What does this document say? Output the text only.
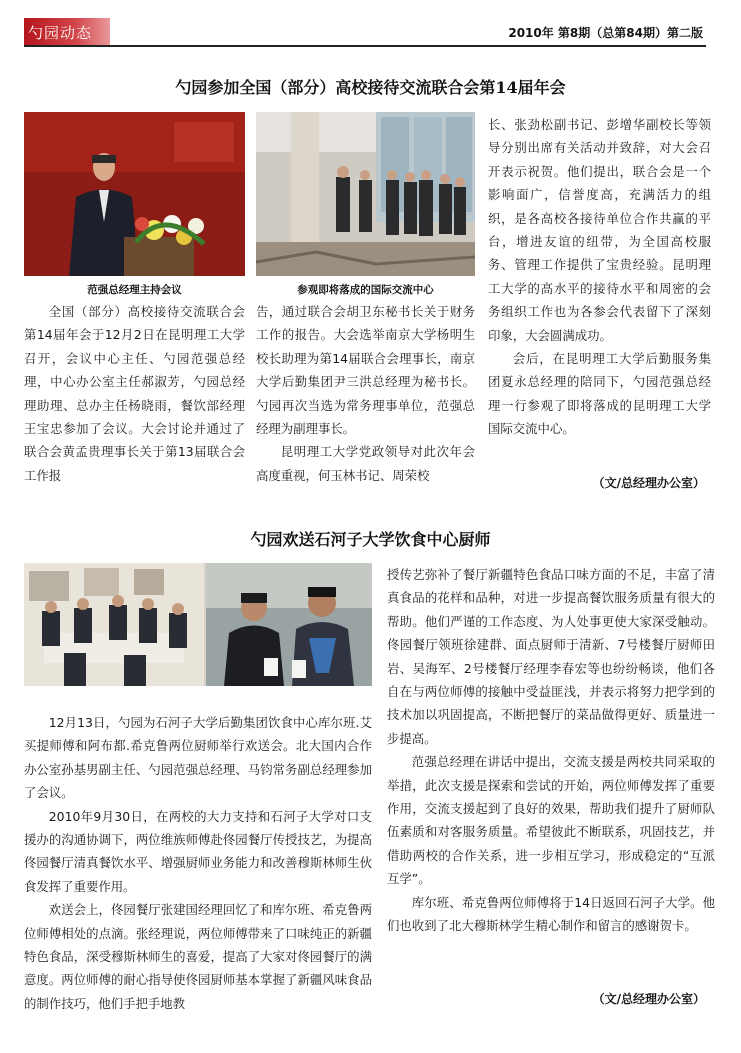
勺园动态	2010年 第8期（总第84期）第二版
勺园参加全国（部分）高校接待交流联合会第14届年会
范强总经理主持会议	参观即将落成的国际交流中心

全国（部分）高校接待交流联合会第14届年会于12月2日在昆明理工大学召开，会议中心主任、勺园范强总经理，中心办公室主任郝淑芳，勺园总经理助理、总办主任杨晓雨，餐饮部经理王宝忠参加了会议。大会讨论并通过了联合会黄孟贵理事长关于第13届联合会工作报

告，通过联合会胡卫东秘书长关于财务工作的报告。大会选举南京大学杨明生校长助理为第14届联合会理事长，南京大学后勤集团尹三洪总经理为秘书长。勺园再次当选为常务理事单位，范强总经理为副理事长。

昆明理工大学党政领导对此次年会高度重视，何玉林书记、周荣校

长、张劲松副书记、彭增华副校长等领导分别出席有关活动并致辞，对大会召开表示祝贺。他们提出，联合会是一个影响面广，信誉度高，充满活力的组织，是各高校各接待单位合作共赢的平台，增进友谊的纽带，为全国高校服务、管理工作提供了宝贵经验。昆明理工大学的高水平的接待水平和周密的会务组织工作也为各参会代表留下了深刻印象，大会圆满成功。

会后，在昆明理工大学后勤服务集团夏永总经理的陪同下，勺园范强总经理一行参观了即将落成的昆明理工大学国际交流中心。

（文/总经理办公室）
勺园欢送石河子大学饮食中心厨师

12月13日，勺园为石河子大学后勤集团饮食中心库尔班.艾买提师傅和阿布都.希克鲁两位厨师举行欢送会。北大国内合作办公室孙基男副主任、勺园范强总经理、马钧常务副总经理参加了会议。

2010年9月30日，在两校的大力支持和石河子大学对口支援办的沟通协调下，两位维族师傅赴佟园餐厅传授技艺，为提高佟园餐厅清真餐饮水平、增强厨师业务能力和改善穆斯林师生伙食发挥了重要作用。

欢送会上，佟园餐厅张建国经理回忆了和库尔班、希克鲁两位师傅相处的点滴。张经理说，两位师傅带来了口味纯正的新疆特色食品，深受穆斯林师生的喜爱，提高了大家对佟园餐厅的满意度。两位师傅的耐心指导使佟园厨师基本掌握了新疆风味食品的制作技巧，他们手把手地教

授传艺弥补了餐厅新疆特色食品口味方面的不足，丰富了清真食品的花样和品种，对进一步提高餐饮服务质量有很大的帮助。他们严谨的工作态度、为人处事更使大家深受触动。佟园餐厅领班徐建群、面点厨师于清新、7号楼餐厅厨师田岩、吴海军、2号楼餐厅经理李春宏等也纷纷畅谈，他们各自在与两位师傅的接触中受益匪浅，并表示将努力把学到的技术加以巩固提高，不断把餐厅的菜品做得更好、质量进一步提高。

范强总经理在讲话中提出，交流支援是两校共同采取的举措，此次支援是探索和尝试的开始，两位师傅发挥了重要作用，交流支援起到了良好的效果，帮助我们提升了厨师队伍素质和对客服务质量。希望彼此不断联系，巩固技艺，并借助两校的合作关系，进一步相互学习，形成稳定的“互派互学”。

库尔班、希克鲁两位师傅将于14日返回石河子大学。他们也收到了北大穆斯林学生精心制作和留言的感谢贺卡。

（文/总经理办公室）
